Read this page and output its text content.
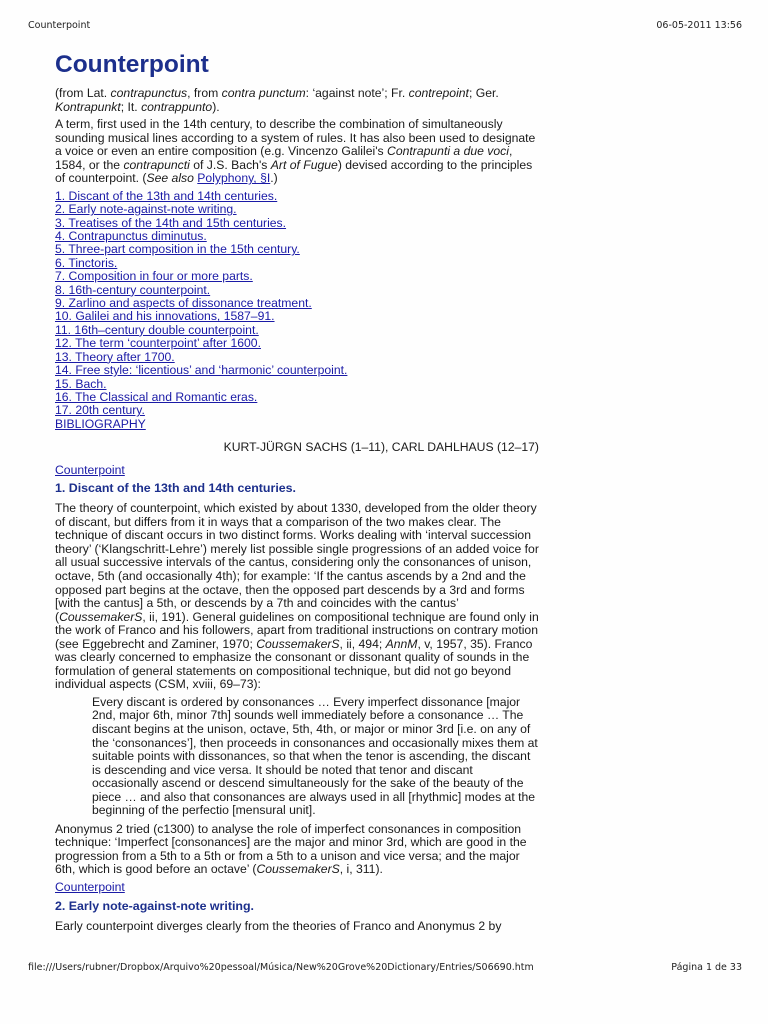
Counterpoint	06-05-2011 13:56
Counterpoint

(from Lat. contrapunctus, from contra punctum: ‘against note’; Fr. contrepoint; Ger. Kontrapunkt; It. contrappunto).

A term, first used in the 14th century, to describe the combination of simultaneously sounding musical lines according to a system of rules. It has also been used to designate a voice or even an entire composition (e.g. Vincenzo Galilei's Contrapunti a due voci, 1584, or the contrapuncti of J.S. Bach's Art of Fugue) devised according to the principles of counterpoint. (See also Polyphony, §I.)

1. Discant of the 13th and 14th centuries.
2. Early note-against-note writing.
3. Treatises of the 14th and 15th centuries.
4. Contrapunctus diminutus.
5. Three-part composition in the 15th century.
6. Tinctoris.
7. Composition in four or more parts.
8. 16th-century counterpoint.
9. Zarlino and aspects of dissonance treatment.
10. Galilei and his innovations, 1587–91.
11. 16th–century double counterpoint.
12. The term ‘counterpoint’ after 1600.
13. Theory after 1700.
14. Free style: ‘licentious’ and ‘harmonic’ counterpoint.
15. Bach.
16. The Classical and Romantic eras.
17. 20th century.
BIBLIOGRAPHY
KURT-JÜRGN SACHS (1–11), CARL DAHLHAUS (12–17)
Counterpoint
1. Discant of the 13th and 14th centuries.

The theory of counterpoint, which existed by about 1330, developed from the older theory of discant, but differs from it in ways that a comparison of the two makes clear. The technique of discant occurs in two distinct forms. Works dealing with ‘interval succession theory’ (‘Klangschritt-Lehre’) merely list possible single progressions of an added voice for all usual successive intervals of the cantus, considering only the consonances of unison, octave, 5th (and occasionally 4th); for example: ‘If the cantus ascends by a 2nd and the opposed part begins at the octave, then the opposed part descends by a 3rd and forms [with the cantus] a 5th, or descends by a 7th and coincides with the cantus’ (CoussemakerS, ii, 191). General guidelines on compositional technique are found only in the work of Franco and his followers, apart from traditional instructions on contrary motion (see Eggebrecht and Zaminer, 1970; CoussemakerS, ii, 494; AnnM, v, 1957, 35). Franco was clearly concerned to emphasize the consonant or dissonant quality of sounds in the formulation of general statements on compositional technique, but did not go beyond individual aspects (CSM, xviii, 69–73):

Every discant is ordered by consonances … Every imperfect dissonance [major 2nd, major 6th, minor 7th] sounds well immediately before a consonance … The discant begins at the unison, octave, 5th, 4th, or major or minor 3rd [i.e. on any of the ‘consonances’], then proceeds in consonances and occasionally mixes them at suitable points with dissonances, so that when the tenor is ascending, the discant is descending and vice versa. It should be noted that tenor and discant occasionally ascend or descend simultaneously for the sake of the beauty of the piece … and also that consonances are always used in all [rhythmic] modes at the beginning of the perfectio [mensural unit].

Anonymus 2 tried (c1300) to analyse the role of imperfect consonances in composition technique: ‘Imperfect [consonances] are the major and minor 3rd, which are good in the progression from a 5th to a 5th or from a 5th to a unison and vice versa; and the major 6th, which is good before an octave’ (CoussemakerS, i, 311).

Counterpoint
2. Early note-against-note writing.

Early counterpoint diverges clearly from the theories of Franco and Anonymus 2 by

file:///Users/rubner/Dropbox/Arquivo%20pessoal/Música/New%20Grove%20Dictionary/Entries/S06690.htm	Página 1 de 33
